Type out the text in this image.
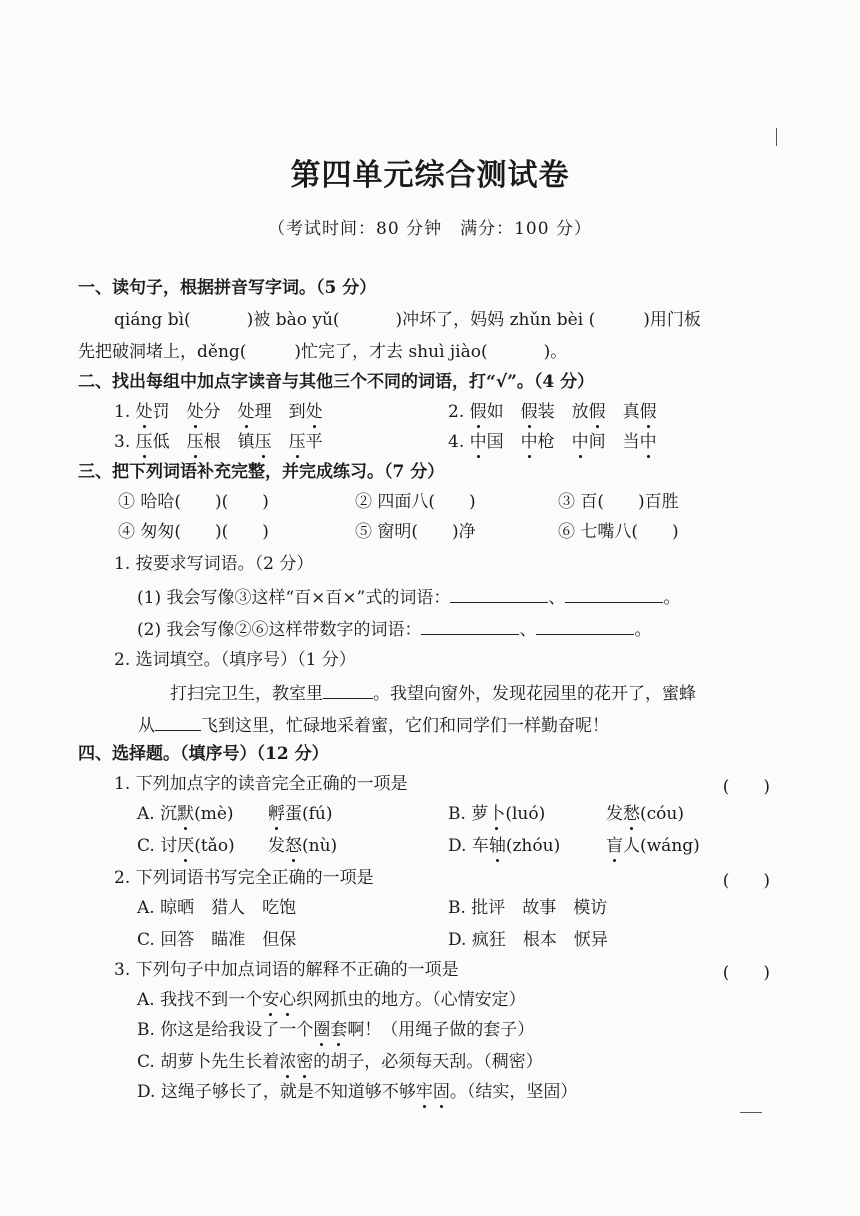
第四单元综合测试卷
（考试时间：80 分钟　满分：100 分）
一、读句子，根据拼音写字词。（5 分）
qiáng bì(	)被 bào yǔ(	)冲坏了，妈妈 zhǔn bèi (	)用门板
先把破洞堵上，děng(	)忙完了，才去 shuì jiào(	)。
二、找出每组中加点字读音与其他三个不同的词语，打“√”。（4 分）
1. 处罚　 处分　 处理　 到处	2. 假如　 假装　 放假　 真假
3. 压低　 压根　 镇压　 压平	4. 中国　 中枪　 中间　 当中
三、把下列词语补充完整，并完成练习。（7 分）
① 哈哈(　　)(　　)	② 四面八(　　)	③ 百(　　)百胜
④ 匆匆(　　)(　　)	⑤ 窗明(　　)净	⑥ 七嘴八(　　)
1. 按要求写词语。（2 分）
(1) 我会写像③这样“百×百×”式的词语：	、	。
(2) 我会写像②⑥这样带数字的词语：	、	。
2. 选词填空。（填序号）（1 分）
打扫完卫生，教室里	。我望向窗外，发现花园里的花开了，蜜蜂
从	飞到这里，忙碌地采着蜜，它们和同学们一样勤奋呢！
四、选择题。（填序号）（12 分）
1. 下列加点字的读音完全正确的一项是	(　　)
A. 沉默(mè) 孵蛋(fú)	B. 萝卜(luó)	发愁(cóu)
C. 讨厌(tǎo) 发怒(nù)	D. 车轴(zhóu)	盲人(wáng)
2. 下列词语书写完全正确的一项是	(　　)
A. 晾晒　猎人　吃饱	B. 批评　故事　模访
C. 回答　瞄准　但保	D. 疯狂　根本　恹异
3. 下列句子中加点词语的解释不正确的一项是	(　　)
A. 我找不到一个安心织网抓虫的地方。（心情安定）
B. 你这是给我设了一个圈套啊！（用绳子做的套子）
C. 胡萝卜先生长着浓密的胡子，必须每天刮。（稠密）
D. 这绳子够长了，就是不知道够不够牢固。（结实，坚固）
